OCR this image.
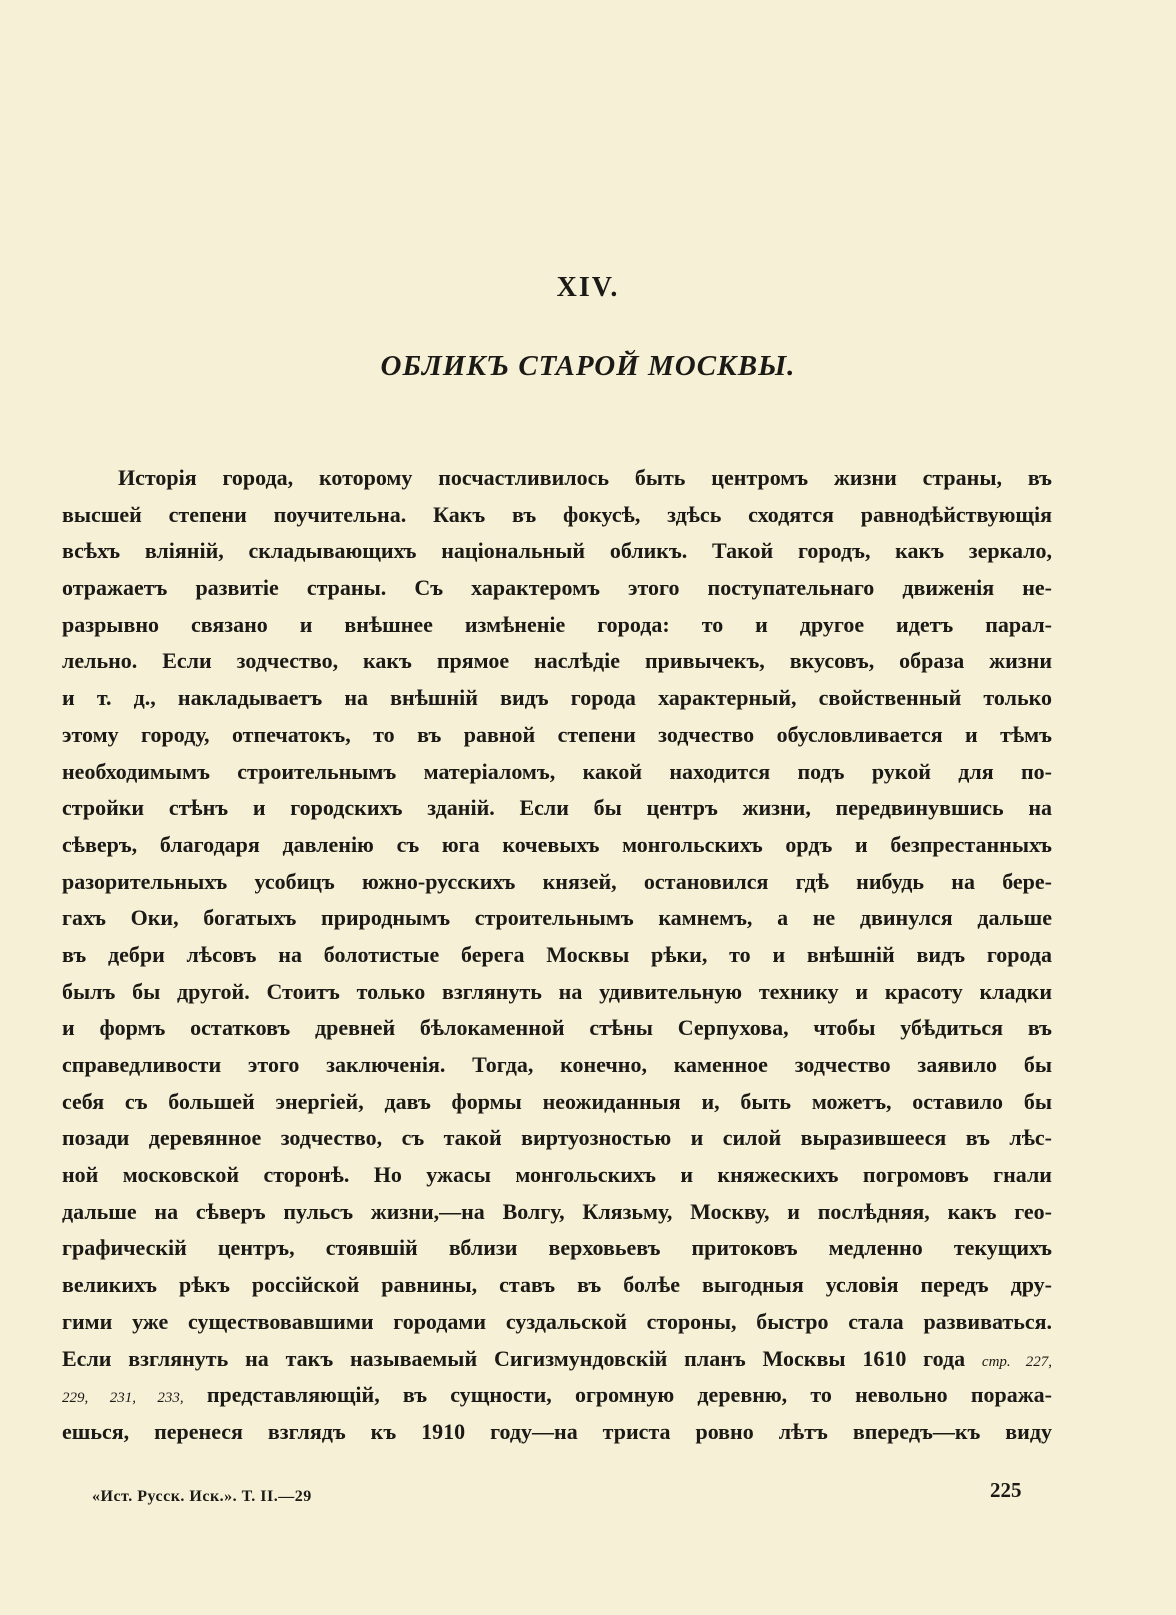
XIV.
ОБЛИКЪ СТАРОЙ МОСКВЫ.
Исторія города, которому посчастливилось быть центромъ жизни страны, въ
высшей степени поучительна. Какъ въ фокусѣ, здѣсь сходятся равнодѣйствующія
всѣхъ вліяній, складывающихъ національный обликъ. Такой городъ, какъ зеркало,
отражаетъ развитіе страны. Съ характеромъ этого поступательнаго движенія не-
разрывно связано и внѣшнее измѣненіе города: то и другое идетъ парал-
лельно. Если зодчество, какъ прямое наслѣдіе привычекъ, вкусовъ, образа жизни
и т. д., накладываетъ на внѣшній видъ города характерный, свойственный только
этому городу, отпечатокъ, то въ равной степени зодчество обусловливается и тѣмъ
необходимымъ строительнымъ матеріаломъ, какой находится подъ рукой для по-
стройки стѣнъ и городскихъ зданій. Если бы центръ жизни, передвинувшись на
сѣверъ, благодаря давленію съ юга кочевыхъ монгольскихъ ордъ и безпрестанныхъ
разорительныхъ усобицъ южно-русскихъ князей, остановился гдѣ нибудь на бере-
гахъ Оки, богатыхъ природнымъ строительнымъ камнемъ, а не двинулся дальше
въ дебри лѣсовъ на болотистые берега Москвы рѣки, то и внѣшній видъ города
былъ бы другой. Стоитъ только взглянуть на удивительную технику и красоту кладки
и формъ остатковъ древней бѣлокаменной стѣны Серпухова, чтобы убѣдиться въ
справедливости этого заключенія. Тогда, конечно, каменное зодчество заявило бы
себя съ большей энергіей, давъ формы неожиданныя и, быть можетъ, оставило бы
позади деревянное зодчество, съ такой виртуозностью и силой выразившееся въ лѣс-
ной московской сторонѣ. Но ужасы монгольскихъ и княжескихъ погромовъ гнали
дальше на сѣверъ пульсъ жизни,—на Волгу, Клязьму, Москву, и послѣдняя, какъ гео-
графическій центръ, стоявшій вблизи верховьевъ притоковъ медленно текущихъ
великихъ рѣкъ россійской равнины, ставъ въ болѣе выгодныя условія передъ дру-
гими уже существовавшими городами суздальской стороны, быстро стала развиваться.
Если взглянуть на такъ называемый Сигизмундовскій планъ Москвы 1610 года стр. 227,
229, 231, 233, представляющій, въ сущности, огромную деревню, то невольно поража-
ешься, перенеся взглядъ къ 1910 году—на триста ровно лѣтъ впередъ—къ виду
«Ист. Русск. Иск.». Т. II.—29	225
